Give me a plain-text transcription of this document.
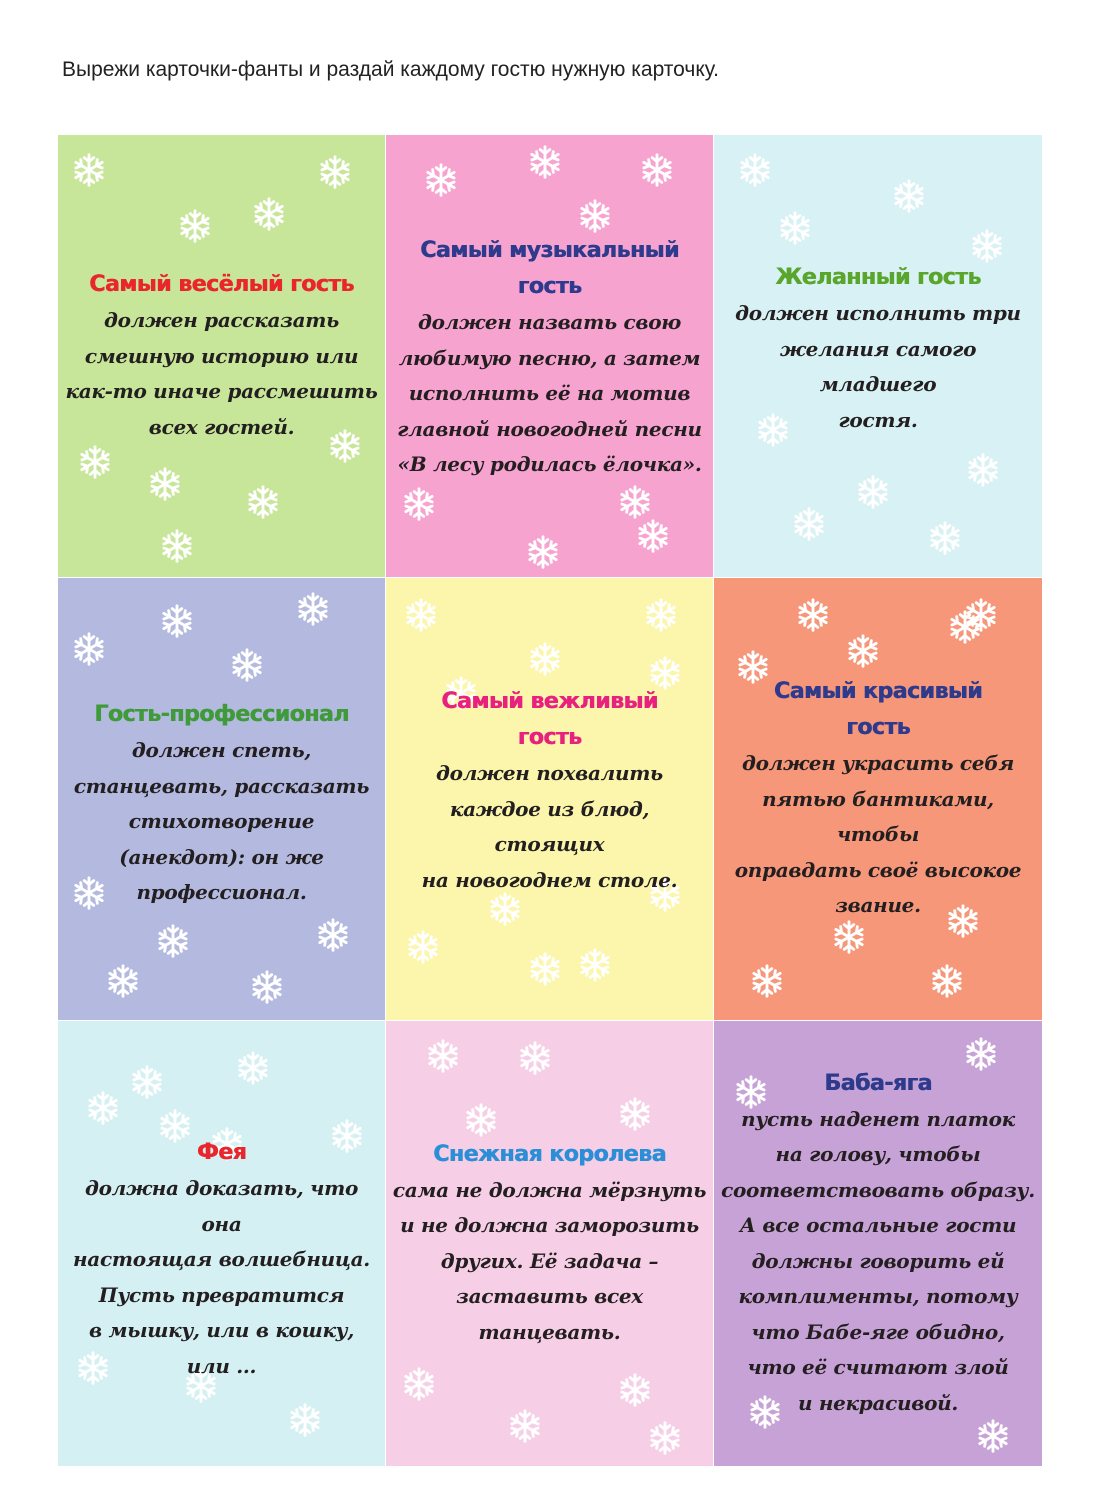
Вырежи карточки-фанты и раздай каждому гостю нужную карточку.
Самый весёлый гость
должен рассказать
смешную историю или
как-то иначе рассмешить
всех гостей.
Самый музыкальный
гость
должен назвать свою
любимую песню, а затем
исполнить её на мотив
главной новогодней песни
«В лесу родилась ёлочка».
Желанный гость
должен исполнить три
желания самого младшего
гостя.
Гость-профессионал
должен спеть,
станцевать, рассказать
стихотворение
(анекдот): он же
профессионал.
Самый вежливый
гость
должен похвалить
каждое из блюд, стоящих
на новогоднем столе.
Самый красивый
гость
должен украсить себя
пятью бантиками, чтобы
оправдать своё высокое
звание.
Фея
должна доказать, что она
настоящая волшебница.
Пусть превратится
в мышку, или в кошку,
или ...
Снежная королева
сама не должна мёрзнуть
и не должна заморозить
других. Её задача –
заставить всех
танцевать.
Баба-яга
пусть наденет платок
на голову, чтобы
соответствовать образу.
А все остальные гости
должны говорить ей
комплименты, потому
что Бабе-яге обидно,
что её считают злой
и некрасивой.
